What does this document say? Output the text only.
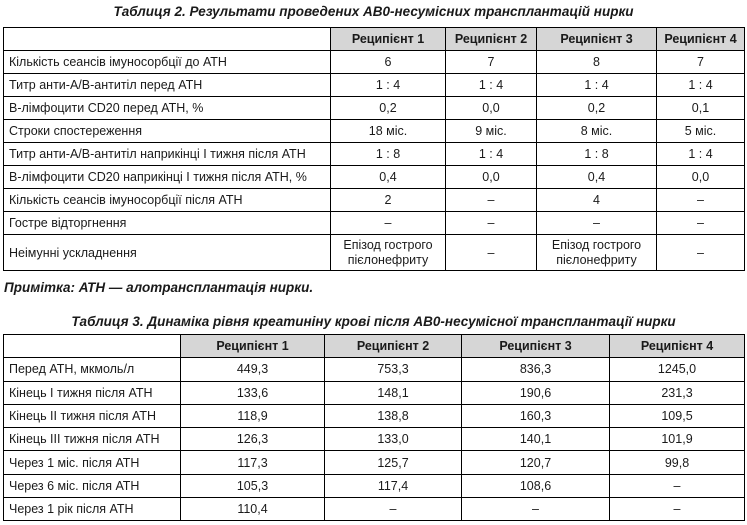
Таблиця 2. Результати проведених АВ0-несумісних трансплантацій нирки
	Реципієнт 1	Реципієнт 2	Реципієнт 3	Реципієнт 4
Кількість сеансів імуносорбції до АТН	6	7	8	7
Титр анти-А/В-антитіл перед АТН	1 : 4	1 : 4	1 : 4	1 : 4
В-лімфоцити CD20 перед АТН, %	0,2	0,0	0,2	0,1
Строки спостереження	18 міс.	9 міс.	8 міс.	5 міс.
Титр анти-А/В-антитіл наприкінці І тижня після АТН	1 : 8	1 : 4	1 : 8	1 : 4
В-лімфоцити CD20 наприкінці І тижня після АТН, %	0,4	0,0	0,4	0,0
Кількість сеансів імуносорбції після АТН	2	–	4	–
Гостре відторгнення	–	–	–	–
Неімунні ускладнення	Епізод гострого пієлонефриту	–	Епізод гострого пієлонефриту	–
Примітка: АТН — алотрансплантація нирки.
Таблиця 3. Динаміка рівня креатиніну крові після АВ0-несумісної трансплантації нирки
	Реципієнт 1	Реципієнт 2	Реципієнт 3	Реципієнт 4
Перед АТН, мкмоль/л	449,3	753,3	836,3	1245,0
Кінець І тижня після АТН	133,6	148,1	190,6	231,3
Кінець ІІ тижня після АТН	118,9	138,8	160,3	109,5
Кінець ІІІ тижня після АТН	126,3	133,0	140,1	101,9
Через 1 міс. після АТН	117,3	125,7	120,7	99,8
Через 6 міс. після АТН	105,3	117,4	108,6	–
Через 1 рік після АТН	110,4	–	–	–
